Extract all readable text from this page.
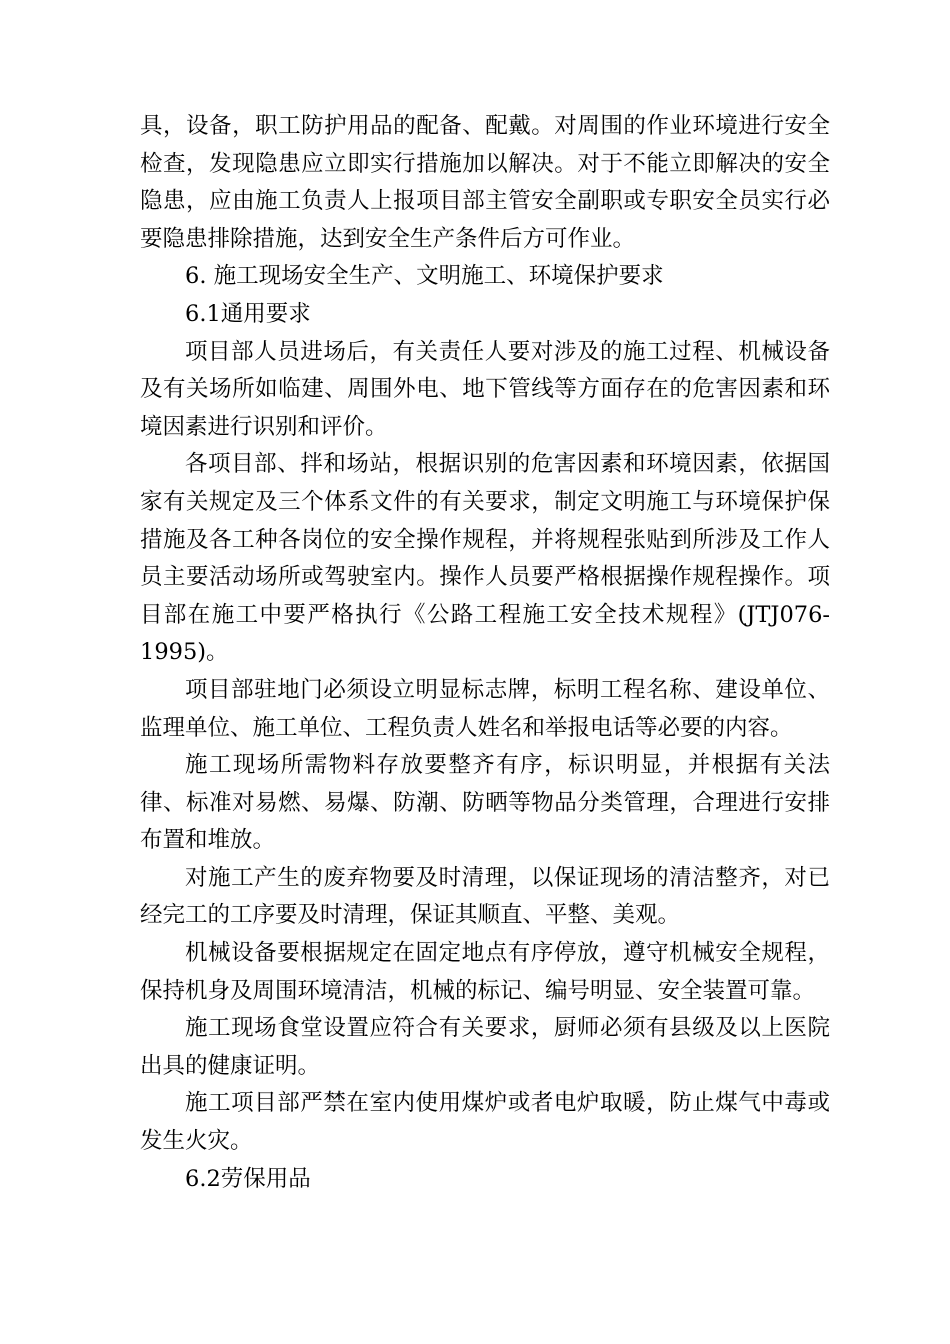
具，设备，职工防护用品的配备、配戴。对周围的作业环境进行安全检查，发现隐患应立即实行措施加以解决。对于不能立即解决的安全隐患，应由施工负责人上报项目部主管安全副职或专职安全员实行必要隐患排除措施，达到安全生产条件后方可作业。

6. 施工现场安全生产、文明施工、环境保护要求

6.1通用要求

项目部人员进场后，有关责任人要对涉及的施工过程、机械设备及有关场所如临建、周围外电、地下管线等方面存在的危害因素和环境因素进行识别和评价。

各项目部、拌和场站，根据识别的危害因素和环境因素，依据国家有关规定及三个体系文件的有关要求，制定文明施工与环境保护保措施及各工种各岗位的安全操作规程，并将规程张贴到所涉及工作人员主要活动场所或驾驶室内。操作人员要严格根据操作规程操作。项目部在施工中要严格执行《公路工程施工安全技术规程》(JTJ076-1995)。

项目部驻地门必须设立明显标志牌，标明工程名称、建设单位、监理单位、施工单位、工程负责人姓名和举报电话等必要的内容。

施工现场所需物料存放要整齐有序，标识明显，并根据有关法律、标准对易燃、易爆、防潮、防晒等物品分类管理，合理进行安排布置和堆放。

对施工产生的废弃物要及时清理，以保证现场的清洁整齐，对已经完工的工序要及时清理，保证其顺直、平整、美观。

机械设备要根据规定在固定地点有序停放，遵守机械安全规程，保持机身及周围环境清洁，机械的标记、编号明显、安全装置可靠。

施工现场食堂设置应符合有关要求，厨师必须有县级及以上医院出具的健康证明。

施工项目部严禁在室内使用煤炉或者电炉取暖，防止煤气中毒或发生火灾。

6.2劳保用品
